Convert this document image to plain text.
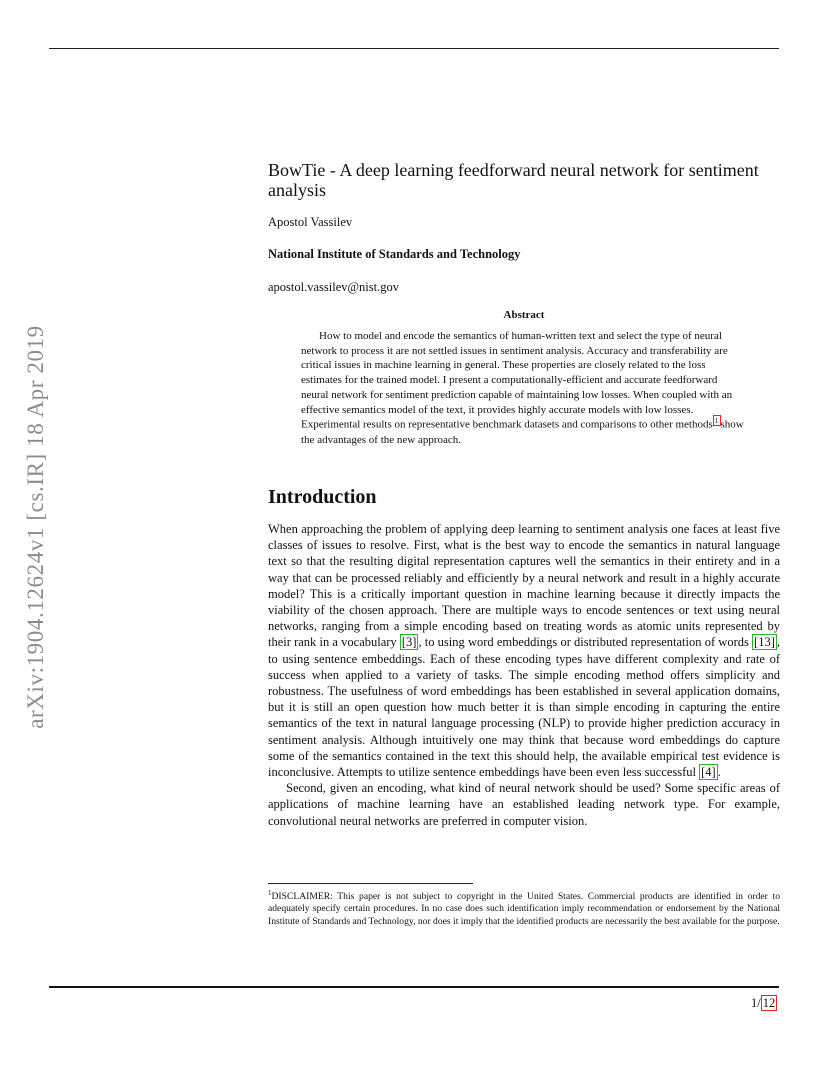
arXiv:1904.12624v1 [cs.IR] 18 Apr 2019
BowTie - A deep learning feedforward neural network for sentiment analysis
Apostol Vassilev
National Institute of Standards and Technology
apostol.vassilev@nist.gov
Abstract

How to model and encode the semantics of human-written text and select the type of neural network to process it are not settled issues in sentiment analysis. Accuracy and transferability are critical issues in machine learning in general. These properties are closely related to the loss estimates for the trained model. I present a computationally-efficient and accurate feedforward neural network for sentiment prediction capable of maintaining low losses. When coupled with an effective semantics model of the text, it provides highly accurate models with low losses. Experimental results on representative benchmark datasets and comparisons to other methods $^1$ show the advantages of the new approach.

Introduction

When approaching the problem of applying deep learning to sentiment analysis one faces at least five classes of issues to resolve. First, what is the best way to encode the semantics in natural language text so that the resulting digital representation captures well the semantics in their entirety and in a way that can be processed reliably and efficiently by a neural network and result in a highly accurate model? This is a critically important question in machine learning because it directly impacts the viability of the chosen approach. There are multiple ways to encode sentences or text using neural networks, ranging from a simple encoding based on treating words as atomic units represented by their rank in a vocabulary [3] , to using word embeddings or distributed representation of words [13] , to using sentence embeddings. Each of these encoding types have different complexity and rate of success when applied to a variety of tasks. The simple encoding method offers simplicity and robustness. The usefulness of word embeddings has been established in several application domains, but it is still an open question how much better it is than simple encoding in capturing the entire semantics of the text in natural language processing (NLP) to provide higher prediction accuracy in sentiment analysis. Although intuitively one may think that because word embeddings do capture some of the semantics contained in the text this should help, the available empirical test evidence is inconclusive. Attempts to utilize sentence embeddings have been even less successful [4] .

Second, given an encoding, what kind of neural network should be used? Some specific areas of applications of machine learning have an established leading network type. For example, convolutional neural networks are preferred in computer vision.

$^1$DISCLAIMER: This paper is not subject to copyright in the United States. Commercial products are identified in order to adequately specify certain procedures. In no case does such identification imply recommendation or endorsement by the National Institute of Standards and Technology, nor does it imply that the identified products are necessarily the best available for the purpose.

1/ 12
